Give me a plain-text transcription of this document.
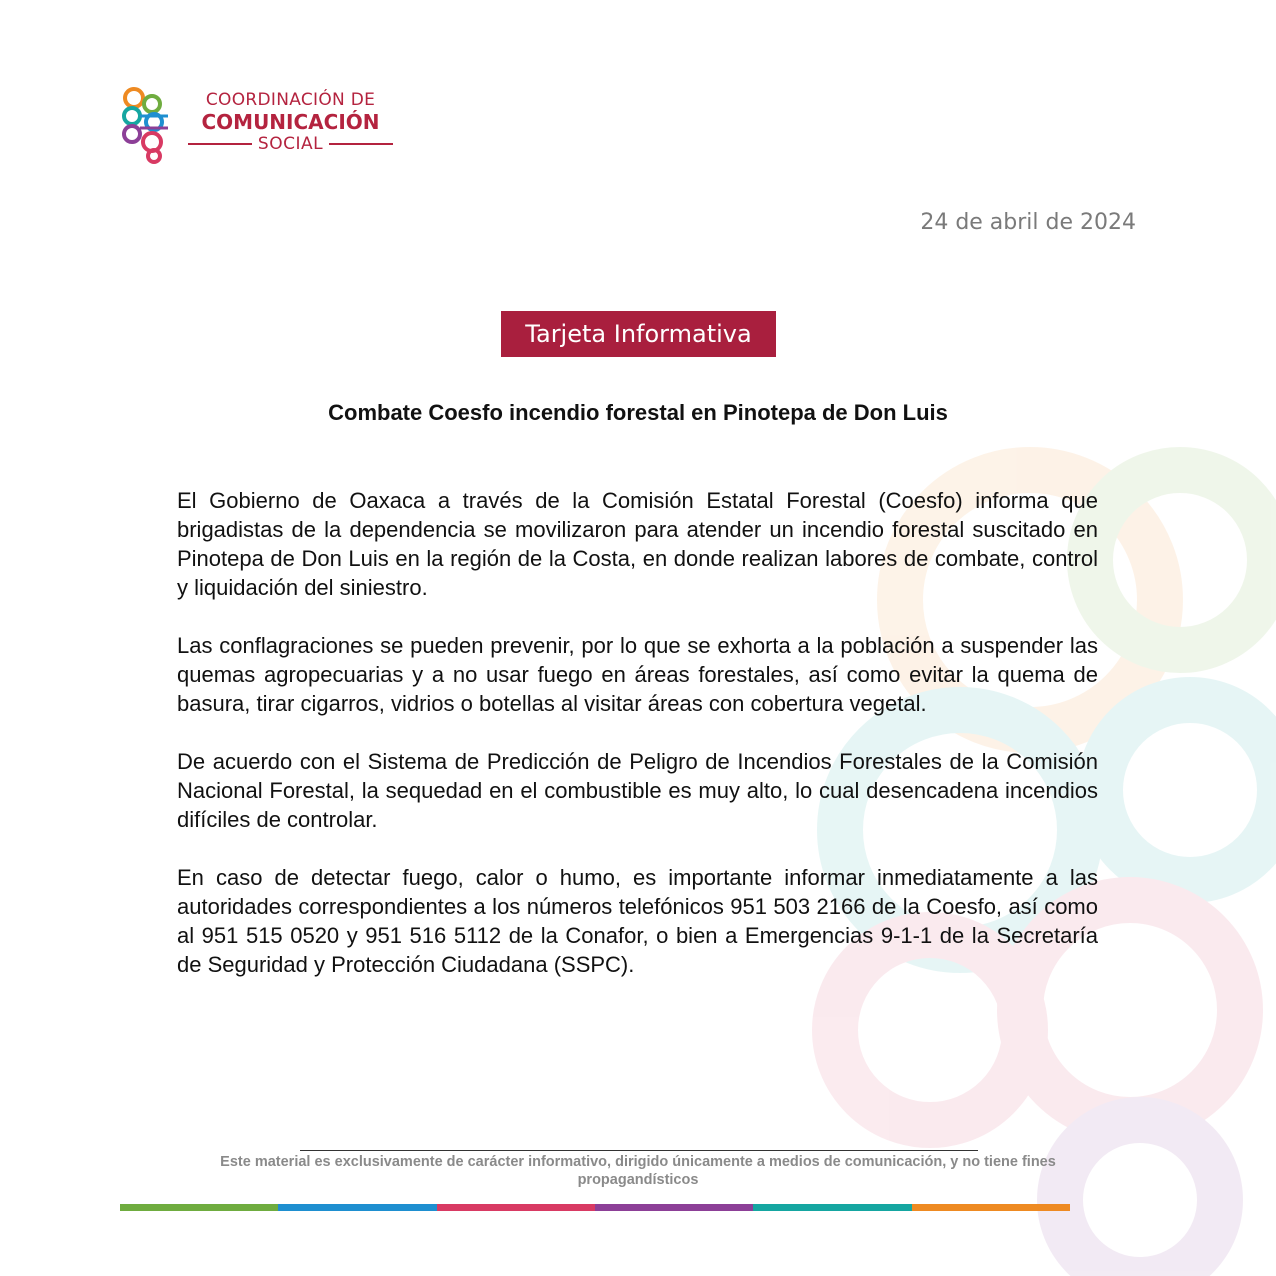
COORDINACIÓN DE
COMUNICACIÓN
SOCIAL
24 de abril de 2024
Tarjeta Informativa
Combate Coesfo incendio forestal en Pinotepa de Don Luis

El Gobierno de Oaxaca a través de la Comisión Estatal Forestal (Coesfo) informa que brigadistas de la dependencia se movilizaron para atender un incendio forestal suscitado en Pinotepa de Don Luis en la región de la Costa, en donde realizan labores de combate, control y liquidación del siniestro.

Las conflagraciones se pueden prevenir, por lo que se exhorta a la población a suspender las quemas agropecuarias y a no usar fuego en áreas forestales, así como evitar la quema de basura, tirar cigarros, vidrios o botellas al visitar áreas con cobertura vegetal.

De acuerdo con el Sistema de Predicción de Peligro de Incendios Forestales de la Comisión Nacional Forestal, la sequedad en el combustible es muy alto, lo cual desencadena incendios difíciles de controlar.

En caso de detectar fuego, calor o humo, es importante informar inmediatamente a las autoridades correspondientes a los números telefónicos 951 503 2166 de la Coesfo, así como al 951 515 0520 y 951 516 5112 de la Conafor, o bien a Emergencias 9-1-1 de la Secretaría de Seguridad y Protección Ciudadana (SSPC).

Este material es exclusivamente de carácter informativo, dirigido únicamente a medios de comunicación, y no tiene fines propagandísticos
